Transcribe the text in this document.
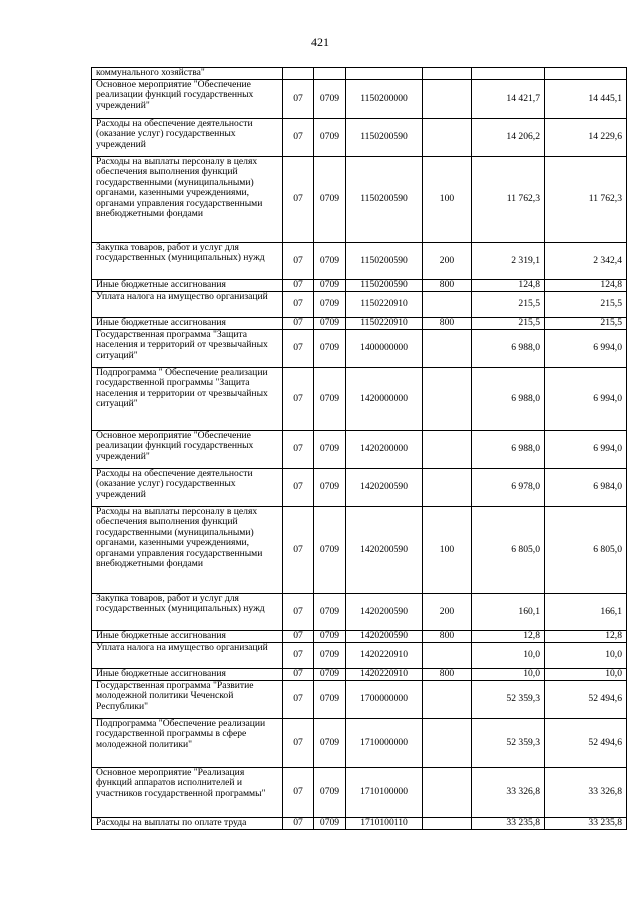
421
коммунального хозяйства"						
Основное мероприятие "Обеспечение реализации функций государственных учреждений"	07	0709	1150200000		14 421,7	14 445,1
Расходы на обеспечение деятельности (оказание услуг) государственных учреждений	07	0709	1150200590		14 206,2	14 229,6
Расходы на выплаты персоналу в целях обеспечения выполнения функций государственными (муниципальными) органами, казенными учреждениями, органами управления государственными внебюджетными фондами	07	0709	1150200590	100	11 762,3	11 762,3
Закупка товаров, работ и услуг для государственных (муниципальных) нужд	07	0709	1150200590	200	2 319,1	2 342,4
Иные бюджетные ассигнования	07	0709	1150200590	800	124,8	124,8
Уплата налога на имущество организаций	07	0709	1150220910		215,5	215,5
Иные бюджетные ассигнования	07	0709	1150220910	800	215,5	215,5
Государственная программа "Защита населения и территорий от чрезвычайных ситуаций"	07	0709	1400000000		6 988,0	6 994,0
Подпрограмма " Обеспечение реализации государственной программы "Защита населения и территории от чрезвычайных ситуаций"	07	0709	1420000000		6 988,0	6 994,0
Основное мероприятие "Обеспечение реализации функций государственных учреждений"	07	0709	1420200000		6 988,0	6 994,0
Расходы на обеспечение деятельности (оказание услуг) государственных учреждений	07	0709	1420200590		6 978,0	6 984,0
Расходы на выплаты персоналу в целях обеспечения выполнения функций государственными (муниципальными) органами, казенными учреждениями, органами управления государственными внебюджетными фондами	07	0709	1420200590	100	6 805,0	6 805,0
Закупка товаров, работ и услуг для государственных (муниципальных) нужд	07	0709	1420200590	200	160,1	166,1
Иные бюджетные ассигнования	07	0709	1420200590	800	12,8	12,8
Уплата налога на имущество организаций	07	0709	1420220910		10,0	10,0
Иные бюджетные ассигнования	07	0709	1420220910	800	10,0	10,0
Государственная программа "Развитие молодежной политики Чеченской Республики"	07	0709	1700000000		52 359,3	52 494,6
Подпрограмма "Обеспечение реализации государственной программы в сфере молодежной политики"	07	0709	1710000000		52 359,3	52 494,6
Основное мероприятие "Реализация функций аппаратов исполнителей и участников государственной программы"	07	0709	1710100000		33 326,8	33 326,8
Расходы на выплаты по оплате труда	07	0709	1710100110		33 235,8	33 235,8
